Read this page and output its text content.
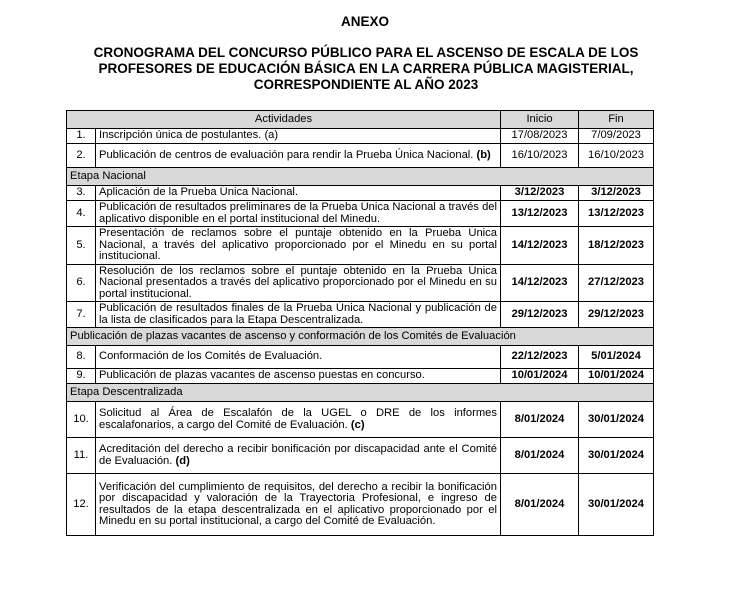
ANEXO
CRONOGRAMA DEL CONCURSO PÚBLICO PARA EL ASCENSO DE ESCALA DE LOS
PROFESORES DE EDUCACIÓN BÁSICA EN LA CARRERA PÚBLICA MAGISTERIAL,
CORRESPONDIENTE AL AÑO 2023
Actividades		Inicio	Fin
1.	Inscripción única de postulantes. (a)	17/08/2023	7/09/2023
2.	Publicación de centros de evaluación para rendir la Prueba Única Nacional. (b)	16/10/2023	16/10/2023
Etapa Nacional			
3.	Aplicación de la Prueba Única Nacional.	3/12/2023	3/12/2023
4.	Publicación de resultados preliminares de la Prueba Única Nacional a través del aplicativo disponible en el portal institucional del Minedu.	13/12/2023	13/12/2023
5.	Presentación de reclamos sobre el puntaje obtenido en la Prueba Única Nacional, a través del aplicativo proporcionado por el Minedu en su portal institucional.	14/12/2023	18/12/2023
6.	Resolución de los reclamos sobre el puntaje obtenido en la Prueba Única Nacional presentados a través del aplicativo proporcionado por el Minedu en su portal institucional.	14/12/2023	27/12/2023
7.	Publicación de resultados finales de la Prueba Única Nacional y publicación de la lista de clasificados para la Etapa Descentralizada.	29/12/2023	29/12/2023
Publicación de plazas vacantes de ascenso y conformación de los Comités de Evaluación			
8.	Conformación de los Comités de Evaluación.	22/12/2023	5/01/2024
9.	Publicación de plazas vacantes de ascenso puestas en concurso.	10/01/2024	10/01/2024
Etapa Descentralizada			
10.	Solicitud al Área de Escalafón de la UGEL o DRE de los informes escalafonarios, a cargo del Comité de Evaluación. (c)	8/01/2024	30/01/2024
11.	Acreditación del derecho a recibir bonificación por discapacidad ante el Comité de Evaluación. (d)	8/01/2024	30/01/2024
12.	Verificación del cumplimiento de requisitos, del derecho a recibir la bonificación por discapacidad y valoración de la Trayectoria Profesional, e ingreso de resultados de la etapa descentralizada en el aplicativo proporcionado por el Minedu en su portal institucional, a cargo del Comité de Evaluación.	8/01/2024	30/01/2024
